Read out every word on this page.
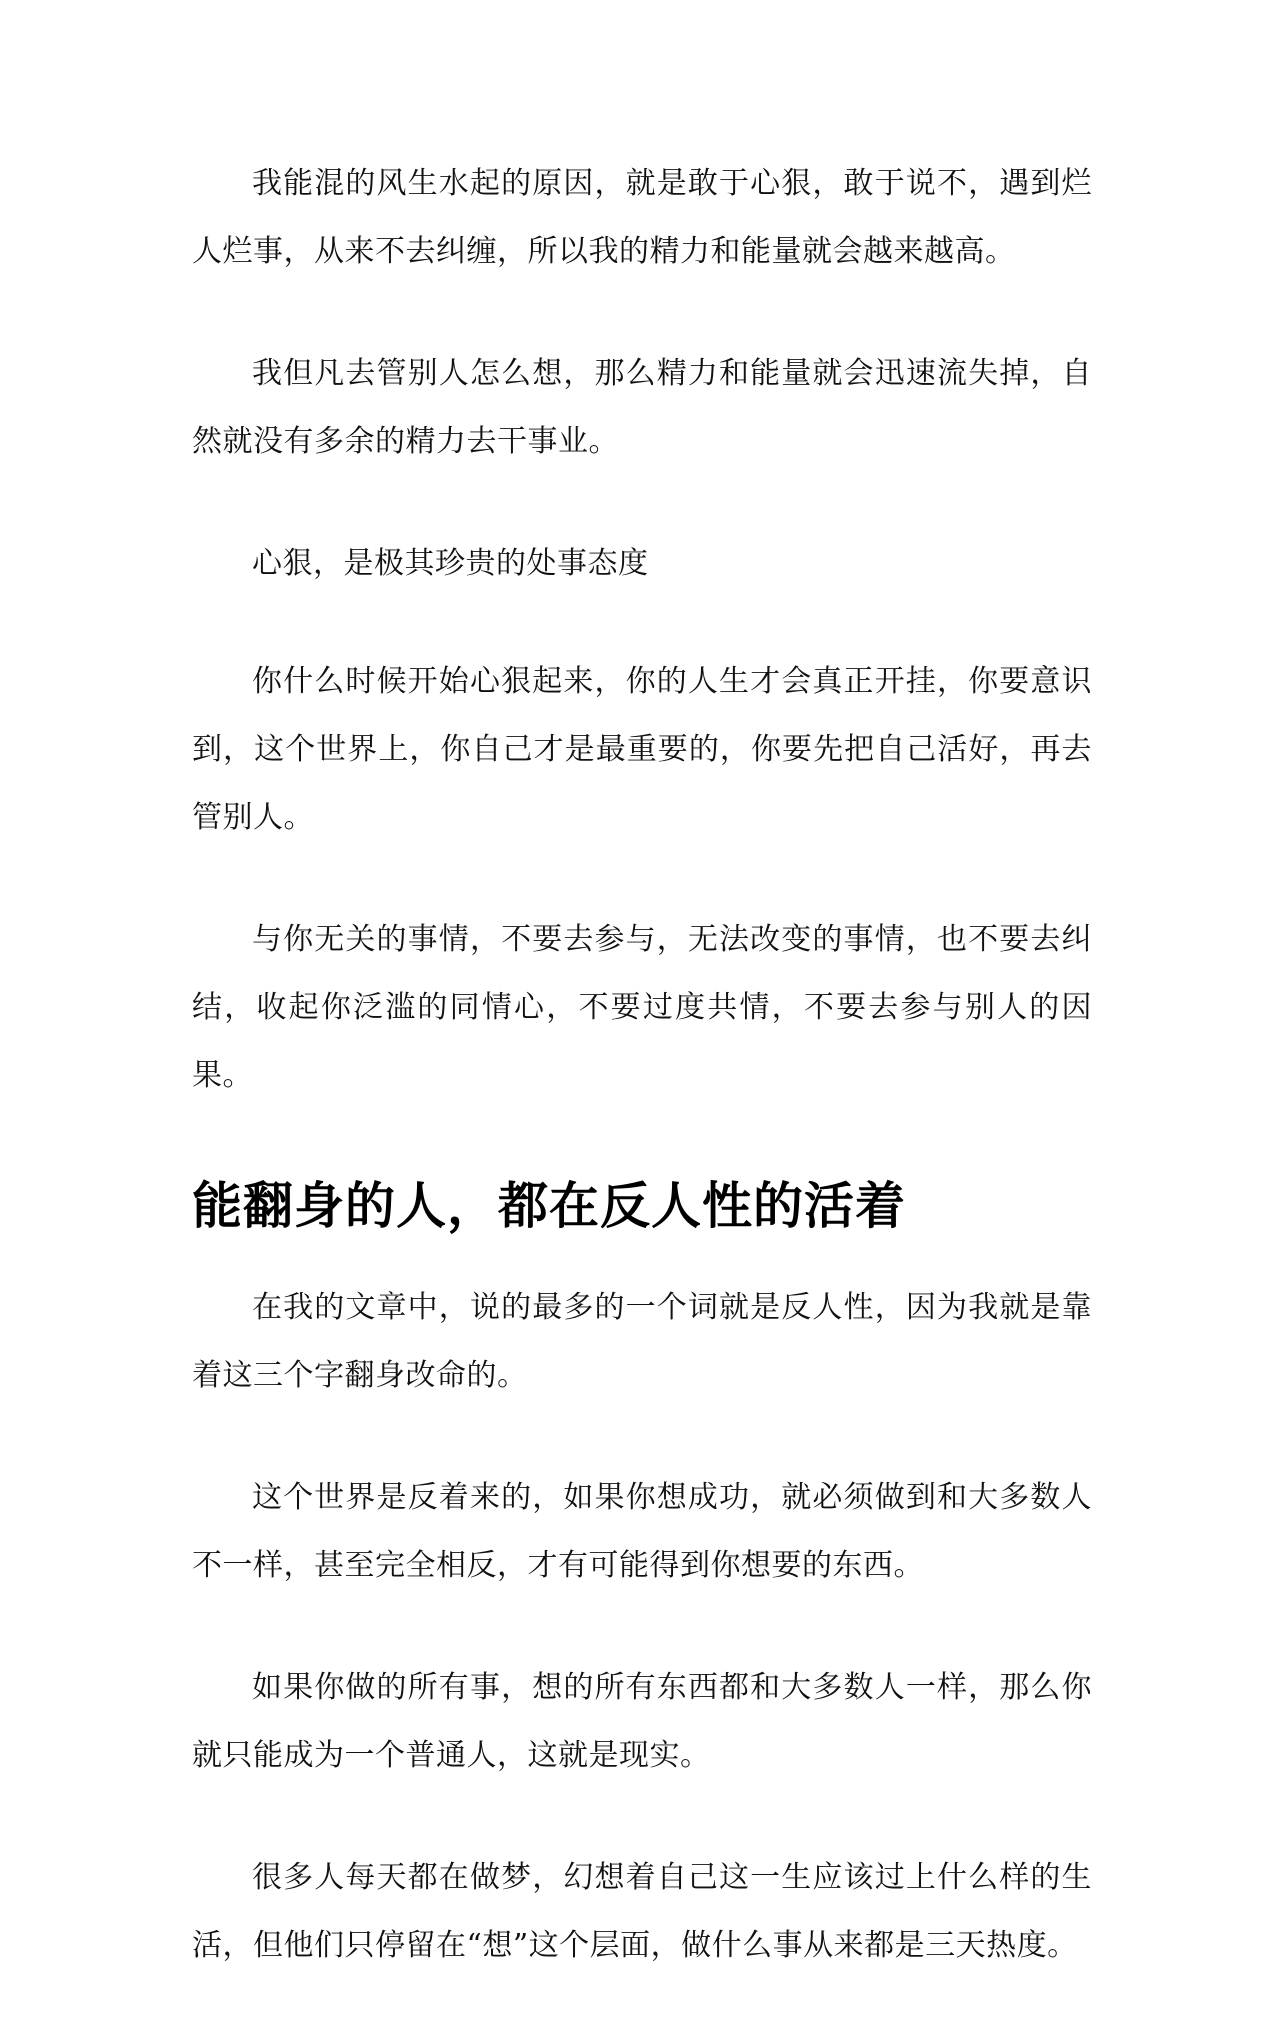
我能混的风生水起的原因，就是敢于心狠，敢于说不，遇到烂人烂事，从来不去纠缠，所以我的精力和能量就会越来越高。

我但凡去管别人怎么想，那么精力和能量就会迅速流失掉，自然就没有多余的精力去干事业。

心狠，是极其珍贵的处事态度

你什么时候开始心狠起来，你的人生才会真正开挂，你要意识到，这个世界上，你自己才是最重要的，你要先把自己活好，再去管别人。

与你无关的事情，不要去参与，无法改变的事情，也不要去纠结，收起你泛滥的同情心，不要过度共情，不要去参与别人的因果。

能翻身的人，都在反人性的活着

在我的文章中，说的最多的一个词就是反人性，因为我就是靠着这三个字翻身改命的。

这个世界是反着来的，如果你想成功，就必须做到和大多数人不一样，甚至完全相反，才有可能得到你想要的东西。

如果你做的所有事，想的所有东西都和大多数人一样，那么你就只能成为一个普通人，这就是现实。

很多人每天都在做梦，幻想着自己这一生应该过上什么样的生活，但他们只停留在“想”这个层面，做什么事从来都是三天热度。
